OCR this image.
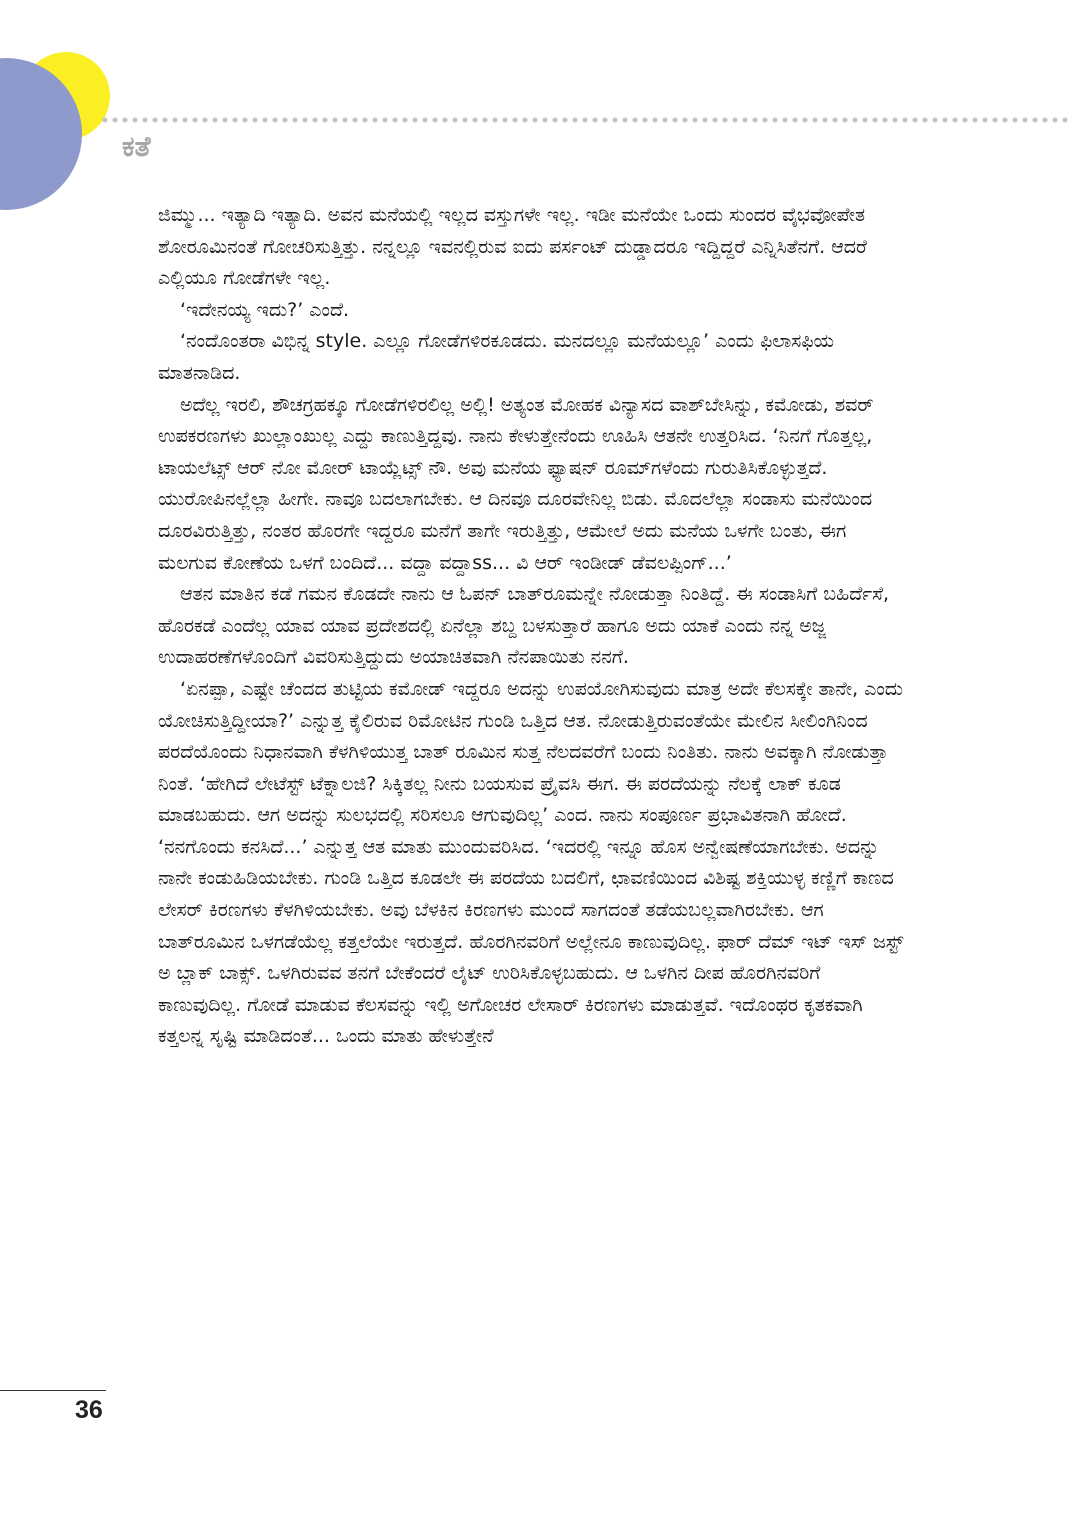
ಕತೆ

ಜಿಮ್ಮು... ಇತ್ಯಾದಿ ಇತ್ಯಾದಿ. ಅವನ ಮನೆಯಲ್ಲಿ ಇಲ್ಲದ ವಸ್ತುಗಳೇ ಇಲ್ಲ. ಇಡೀ ಮನೆಯೇ ಒಂದು ಸುಂದರ ವೈಭವೋಪೇತ ಶೋರೂಮಿನಂತೆ ಗೋಚರಿಸುತ್ತಿತ್ತು. ನನ್ನಲ್ಲೂ ಇವನಲ್ಲಿರುವ ಐದು ಪರ್ಸಂಟ್ ದುಡ್ಡಾದರೂ ಇದ್ದಿದ್ದರೆ ಎನ್ನಿಸಿತೆನಗೆ. ಆದರೆ ಎಲ್ಲಿಯೂ ಗೋಡೆಗಳೇ ಇಲ್ಲ.

‘ಇದೇನಯ್ಯ ಇದು?’ ಎಂದೆ.

‘ನಂದೊಂತರಾ ವಿಭಿನ್ನ style. ಎಲ್ಲೂ ಗೋಡೆಗಳಿರಕೂಡದು. ಮನದಲ್ಲೂ ಮನೆಯಲ್ಲೂ’ ಎಂದು ಫಿಲಾಸಫಿಯ ಮಾತನಾಡಿದ.

ಅದೆಲ್ಲ ಇರಲಿ, ಶೌಚಗ್ರಹಕ್ಕೂ ಗೋಡೆಗಳಿರಲಿಲ್ಲ ಅಲ್ಲಿ! ಅತ್ಯಂತ ಮೋಹಕ ವಿನ್ಯಾಸದ ವಾಶ್‌ಬೇಸಿನ್ನು, ಕಮೋಡು, ಶವರ್ ಉಪಕರಣಗಳು ಖುಲ್ಲಾಂಖುಲ್ಲ ಎದ್ದು ಕಾಣುತ್ತಿದ್ದವು. ನಾನು ಕೇಳುತ್ತೇನೆಂದು ಊಹಿಸಿ ಆತನೇ ಉತ್ತರಿಸಿದ. ‘ನಿನಗೆ ಗೊತ್ತಲ್ಲ, ಟಾಯಲೆಟ್ಸ್ ಆರ್ ನೋ ಮೋರ್ ಟಾಯ್ಲೆಟ್ಸ್ ನೌ. ಅವು ಮನೆಯ ಫ್ಯಾಷನ್ ರೂಮ್‌ಗಳೆಂದು ಗುರುತಿಸಿಕೊಳ್ಳುತ್ತದೆ. ಯುರೋಪಿನಲ್ಲೆಲ್ಲಾ ಹೀಗೇ. ನಾವೂ ಬದಲಾಗಬೇಕು. ಆ ದಿನವೂ ದೂರವೇನಿಲ್ಲ ಬಿಡು. ಮೊದಲೆಲ್ಲಾ ಸಂಡಾಸು ಮನೆಯಿಂದ ದೂರವಿರುತ್ತಿತ್ತು, ನಂತರ ಹೊರಗೇ ಇದ್ದರೂ ಮನೆಗೆ ತಾಗೇ ಇರುತ್ತಿತ್ತು, ಆಮೇಲೆ ಅದು ಮನೆಯ ಒಳಗೇ ಬಂತು, ಈಗ ಮಲಗುವ ಕೋಣೆಯ ಒಳಗೆ ಬಂದಿದೆ... ವದ್ದಾ ವದ್ದಾss... ವಿ ಆರ್ ಇಂಡೀಡ್ ಡೆವಲಪ್ಪಿಂಗ್...’

ಆತನ ಮಾತಿನ ಕಡೆ ಗಮನ ಕೊಡದೇ ನಾನು ಆ ಓಪನ್ ಬಾತ್‌ರೂಮನ್ನೇ ನೋಡುತ್ತಾ ನಿಂತಿದ್ದೆ. ಈ ಸಂಡಾಸಿಗೆ ಬಹಿರ್ದೆಸೆ, ಹೊರಕಡೆ ಎಂದೆಲ್ಲ ಯಾವ ಯಾವ ಪ್ರದೇಶದಲ್ಲಿ ಏನೆಲ್ಲಾ ಶಬ್ದ ಬಳಸುತ್ತಾರೆ ಹಾಗೂ ಅದು ಯಾಕೆ ಎಂದು ನನ್ನ ಅಜ್ಜ ಉದಾಹರಣೆಗಳೊಂದಿಗೆ ವಿವರಿಸುತ್ತಿದ್ದುದು ಅಯಾಚಿತವಾಗಿ ನೆನಪಾಯಿತು ನನಗೆ.

‘ಏನಪ್ಪಾ, ಎಷ್ಟೇ ಚೆಂದದ ತುಟ್ಟಿಯ ಕಮೋಡ್ ಇದ್ದರೂ ಅದನ್ನು ಉಪಯೋಗಿಸುವುದು ಮಾತ್ರ ಅದೇ ಕೆಲಸಕ್ಕೇ ತಾನೇ, ಎಂದು ಯೋಚಿಸುತ್ತಿದ್ದೀಯಾ?’ ಎನ್ನುತ್ತ ಕೈಲಿರುವ ರಿಮೋಟಿನ ಗುಂಡಿ ಒತ್ತಿದ ಆತ. ನೋಡುತ್ತಿರುವಂತೆಯೇ ಮೇಲಿನ ಸೀಲಿಂಗಿನಿಂದ ಪರದೆಯೊಂದು ನಿಧಾನವಾಗಿ ಕೆಳಗಿಳಿಯುತ್ತ ಬಾತ್ ರೂಮಿನ ಸುತ್ತ ನೆಲದವರೆಗೆ ಬಂದು ನಿಂತಿತು. ನಾನು ಅವಕ್ಕಾಗಿ ನೋಡುತ್ತಾ ನಿಂತೆ. ‘ಹೇಗಿದೆ ಲೇಟೆಸ್ಟ್ ಟೆಕ್ನಾಲಜಿ? ಸಿಕ್ಕಿತಲ್ಲ ನೀನು ಬಯಸುವ ಪ್ರೈವಸಿ ಈಗ. ಈ ಪರದೆಯನ್ನು ನೆಲಕ್ಕೆ ಲಾಕ್ ಕೂಡ ಮಾಡಬಹುದು. ಆಗ ಅದನ್ನು ಸುಲಭದಲ್ಲಿ ಸರಿಸಲೂ ಆಗುವುದಿಲ್ಲ’ ಎಂದ. ನಾನು ಸಂಪೂರ್ಣ ಪ್ರಭಾವಿತನಾಗಿ ಹೋದೆ. ‘ನನಗೊಂದು ಕನಸಿದೆ...’ ಎನ್ನುತ್ತ ಆತ ಮಾತು ಮುಂದುವರಿಸಿದ. ‘ಇದರಲ್ಲಿ ಇನ್ನೂ ಹೊಸ ಅನ್ವೇಷಣೆಯಾಗಬೇಕು. ಅದನ್ನು ನಾನೇ ಕಂಡುಹಿಡಿಯಬೇಕು. ಗುಂಡಿ ಒತ್ತಿದ ಕೂಡಲೇ ಈ ಪರದೆಯ ಬದಲಿಗೆ, ಛಾವಣಿಯಿಂದ ವಿಶಿಷ್ಟ ಶಕ್ತಿಯುಳ್ಳ ಕಣ್ಣಿಗೆ ಕಾಣದ ಲೇಸರ್ ಕಿರಣಗಳು ಕೆಳಗಿಳಿಯಬೇಕು. ಅವು ಬೆಳಕಿನ ಕಿರಣಗಳು ಮುಂದೆ ಸಾಗದಂತೆ ತಡೆಯಬಲ್ಲವಾಗಿರಬೇಕು. ಆಗ ಬಾತ್‌ರೂಮಿನ ಒಳಗಡೆಯೆಲ್ಲ ಕತ್ತಲೆಯೇ ಇರುತ್ತದೆ. ಹೊರಗಿನವರಿಗೆ ಅಲ್ಲೇನೂ ಕಾಣುವುದಿಲ್ಲ. ಫಾರ್ ದೆಮ್ ಇಟ್ ಇಸ್ ಜಸ್ಟ್ ಅ ಬ್ಲಾಕ್ ಬಾಕ್ಸ್. ಒಳಗಿರುವವ ತನಗೆ ಬೇಕೆಂದರೆ ಲೈಟ್ ಉರಿಸಿಕೊಳ್ಳಬಹುದು. ಆ ಒಳಗಿನ ದೀಪ ಹೊರಗಿನವರಿಗೆ ಕಾಣುವುದಿಲ್ಲ. ಗೋಡೆ ಮಾಡುವ ಕೆಲಸವನ್ನು ಇಲ್ಲಿ ಅಗೋಚರ ಲೇಸಾರ್ ಕಿರಣಗಳು ಮಾಡುತ್ತವೆ. ಇದೊಂಥರ ಕೃತಕವಾಗಿ ಕತ್ತಲನ್ನ ಸೃಷ್ಟಿ ಮಾಡಿದಂತೆ... ಒಂದು ಮಾತು ಹೇಳುತ್ತೇನೆ

36
